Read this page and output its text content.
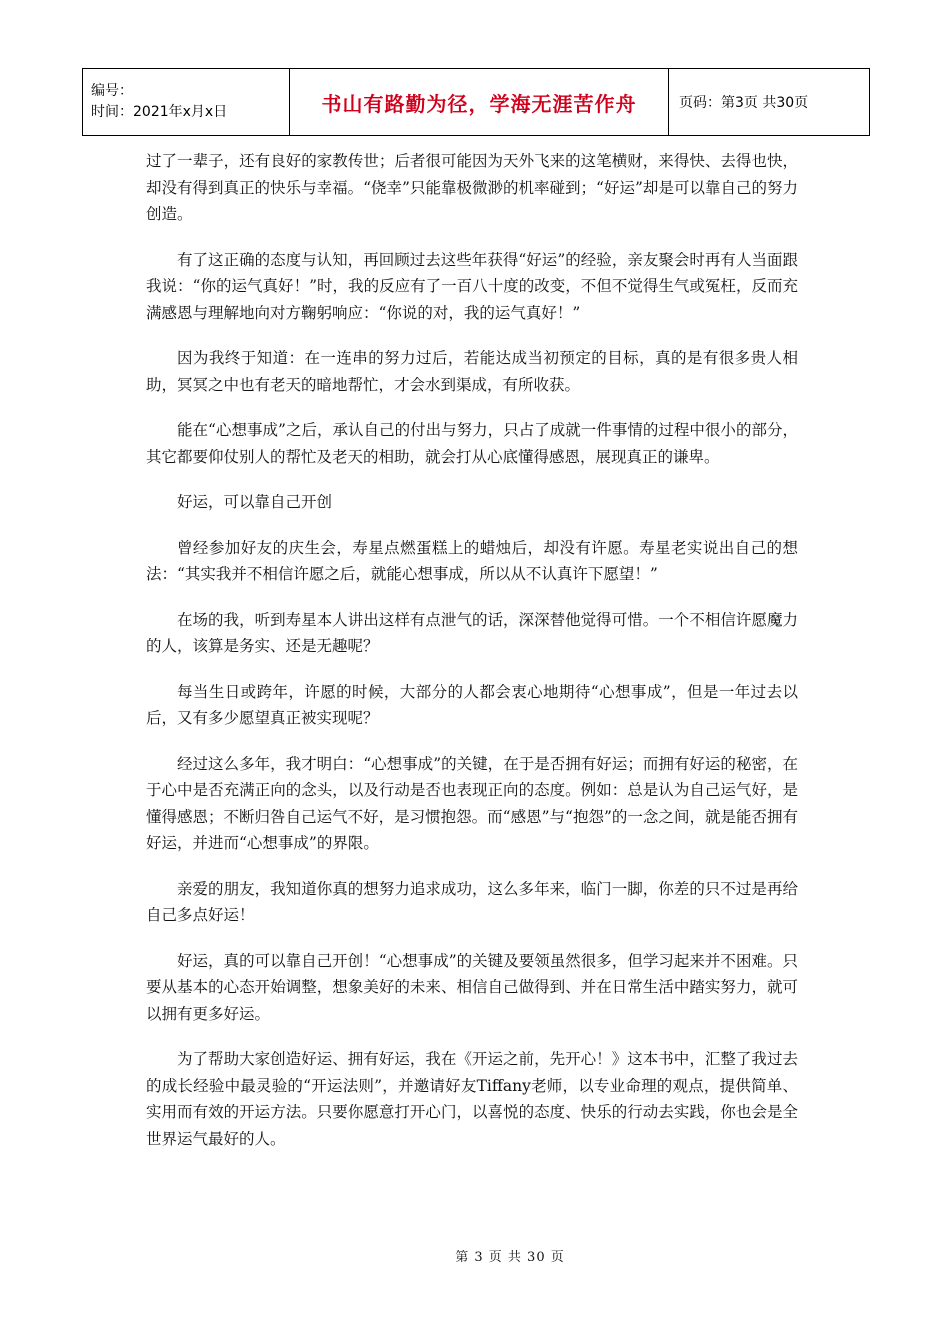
编号：
时间：2021年x月x日	书山有路勤为径，学海无涯苦作舟	页码：第3页 共30页

过了一辈子，还有良好的家教传世；后者很可能因为天外飞来的这笔横财，来得快、去得也快，却没有得到真正的快乐与幸福。“侥幸”只能靠极微渺的机率碰到；“好运”却是可以靠自己的努力创造。

有了这正确的态度与认知，再回顾过去这些年获得“好运”的经验，亲友聚会时再有人当面跟我说：“你的运气真好！”时，我的反应有了一百八十度的改变，不但不觉得生气或冤枉，反而充满感恩与理解地向对方鞠躬响应：“你说的对，我的运气真好！”

因为我终于知道：在一连串的努力过后，若能达成当初预定的目标，真的是有很多贵人相助，冥冥之中也有老天的暗地帮忙，才会水到渠成，有所收获。

能在“心想事成”之后，承认自己的付出与努力，只占了成就一件事情的过程中很小的部分，其它都要仰仗别人的帮忙及老天的相助，就会打从心底懂得感恩，展现真正的谦卑。

好运，可以靠自己开创

曾经参加好友的庆生会，寿星点燃蛋糕上的蜡烛后，却没有许愿。寿星老实说出自己的想法：“其实我并不相信许愿之后，就能心想事成，所以从不认真许下愿望！”

在场的我，听到寿星本人讲出这样有点泄气的话，深深替他觉得可惜。一个不相信许愿魔力的人，该算是务实、还是无趣呢？

每当生日或跨年，许愿的时候，大部分的人都会衷心地期待“心想事成”，但是一年过去以后，又有多少愿望真正被实现呢？

经过这么多年，我才明白：“心想事成”的关键，在于是否拥有好运；而拥有好运的秘密，在于心中是否充满正向的念头，以及行动是否也表现正向的态度。例如：总是认为自己运气好，是懂得感恩；不断归咎自己运气不好，是习惯抱怨。而“感恩”与“抱怨”的一念之间，就是能否拥有好运，并进而“心想事成”的界限。

亲爱的朋友，我知道你真的想努力追求成功，这么多年来，临门一脚，你差的只不过是再给自己多点好运！

好运，真的可以靠自己开创！“心想事成”的关键及要领虽然很多，但学习起来并不困难。只要从基本的心态开始调整，想象美好的未来、相信自己做得到、并在日常生活中踏实努力，就可以拥有更多好运。

为了帮助大家创造好运、拥有好运，我在《开运之前，先开心！》这本书中，汇整了我过去的成长经验中最灵验的“开运法则”，并邀请好友Tiffany老师，以专业命理的观点，提供简单、实用而有效的开运方法。只要你愿意打开心门，以喜悦的态度、快乐的行动去实践，你也会是全世界运气最好的人。

第 3 页 共 30 页
